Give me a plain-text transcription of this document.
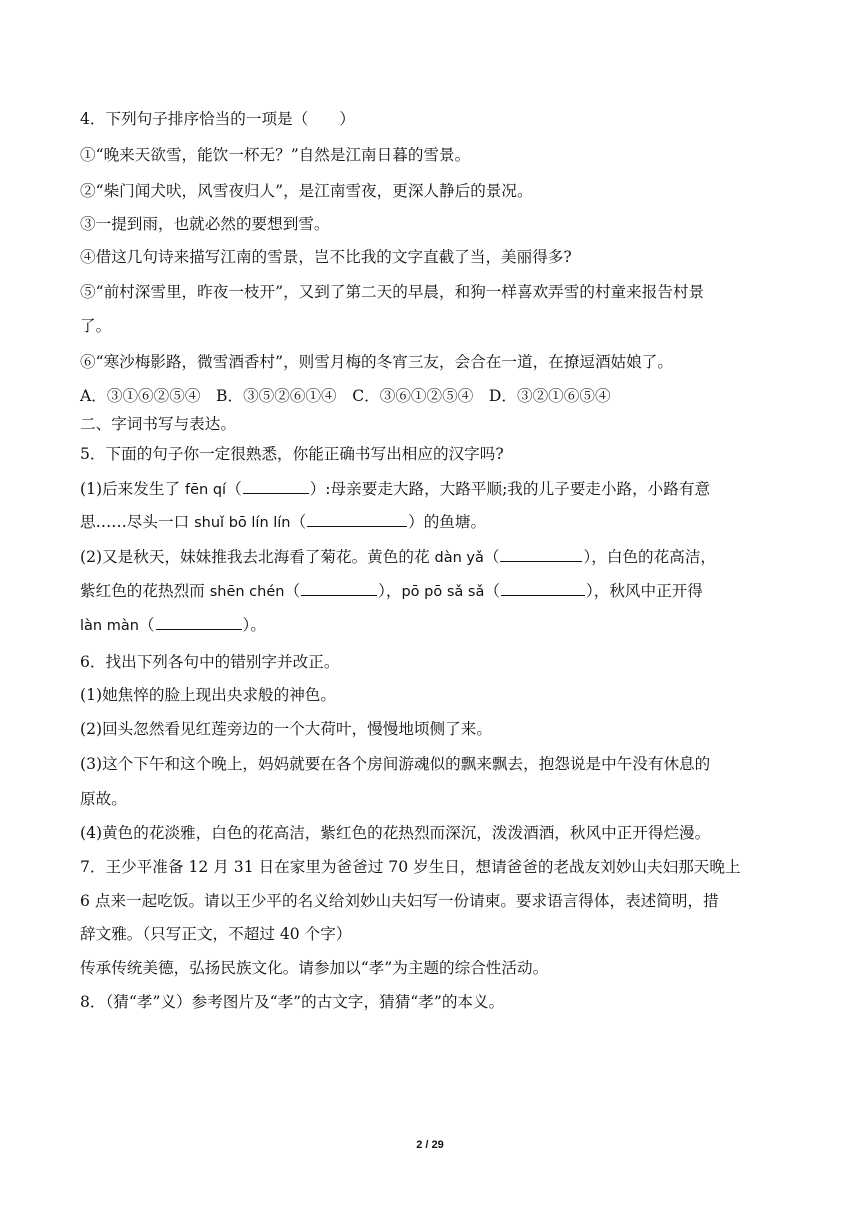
4．下列句子排序恰当的一项是（　　）
①“晚来天欲雪，能饮一杯无？”自然是江南日暮的雪景。
②“柴门闻犬吠，风雪夜归人”，是江南雪夜，更深人静后的景况。
③一提到雨，也就必然的要想到雪。
④借这几句诗来描写江南的雪景，岂不比我的文字直截了当，美丽得多?
⑤“前村深雪里，昨夜一枝开”，又到了第二天的早晨，和狗一样喜欢弄雪的村童来报告村景
了。
⑥“寒沙梅影路，微雪酒香村”，则雪月梅的冬宵三友，会合在一道，在撩逗酒姑娘了。
A．③①⑥②⑤④　B．③⑤②⑥①④　C．③⑥①②⑤④　D．③②①⑥⑤④
二、字词书写与表达。
5．下面的句子你一定很熟悉，你能正确书写出相应的汉字吗?
(1)后来发生了 fēn qí（	）:母亲要走大路，大路平顺;我的儿子要走小路，小路有意
思……尽头一口 shuǐ bō lín lín（	）的鱼塘。
(2)又是秋天，妹妹推我去北海看了菊花。黄色的花 dàn yǎ（	），白色的花高洁，
紫红色的花热烈而 shēn chén（	），pō pō sǎ sǎ（	），秋风中正开得
làn màn（	）。
6．找出下列各句中的错别字并改正。
(1)她焦悴的脸上现出央求般的神色。
(2)回头忽然看见红莲旁边的一个大荷叶，慢慢地顷侧了来。
(3)这个下午和这个晚上，妈妈就要在各个房间游魂似的飘来飘去，抱怨说是中午没有休息的
原故。
(4)黄色的花淡雅，白色的花高洁，紫红色的花热烈而深沉，泼泼酒酒，秋风中正开得烂漫。
7．王少平准备 12 月 31 日在家里为爸爸过 70 岁生日，想请爸爸的老战友刘妙山夫妇那天晚上
6 点来一起吃饭。请以王少平的名义给刘妙山夫妇写一份请柬。要求语言得体，表述简明，措
辞文雅。（只写正文，不超过 40 个字）
传承传统美德，弘扬民族文化。请参加以“孝”为主题的综合性活动。
8．（猜“孝”义）参考图片及“孝”的古文字，猜猜“孝”的本义。
2 / 29
